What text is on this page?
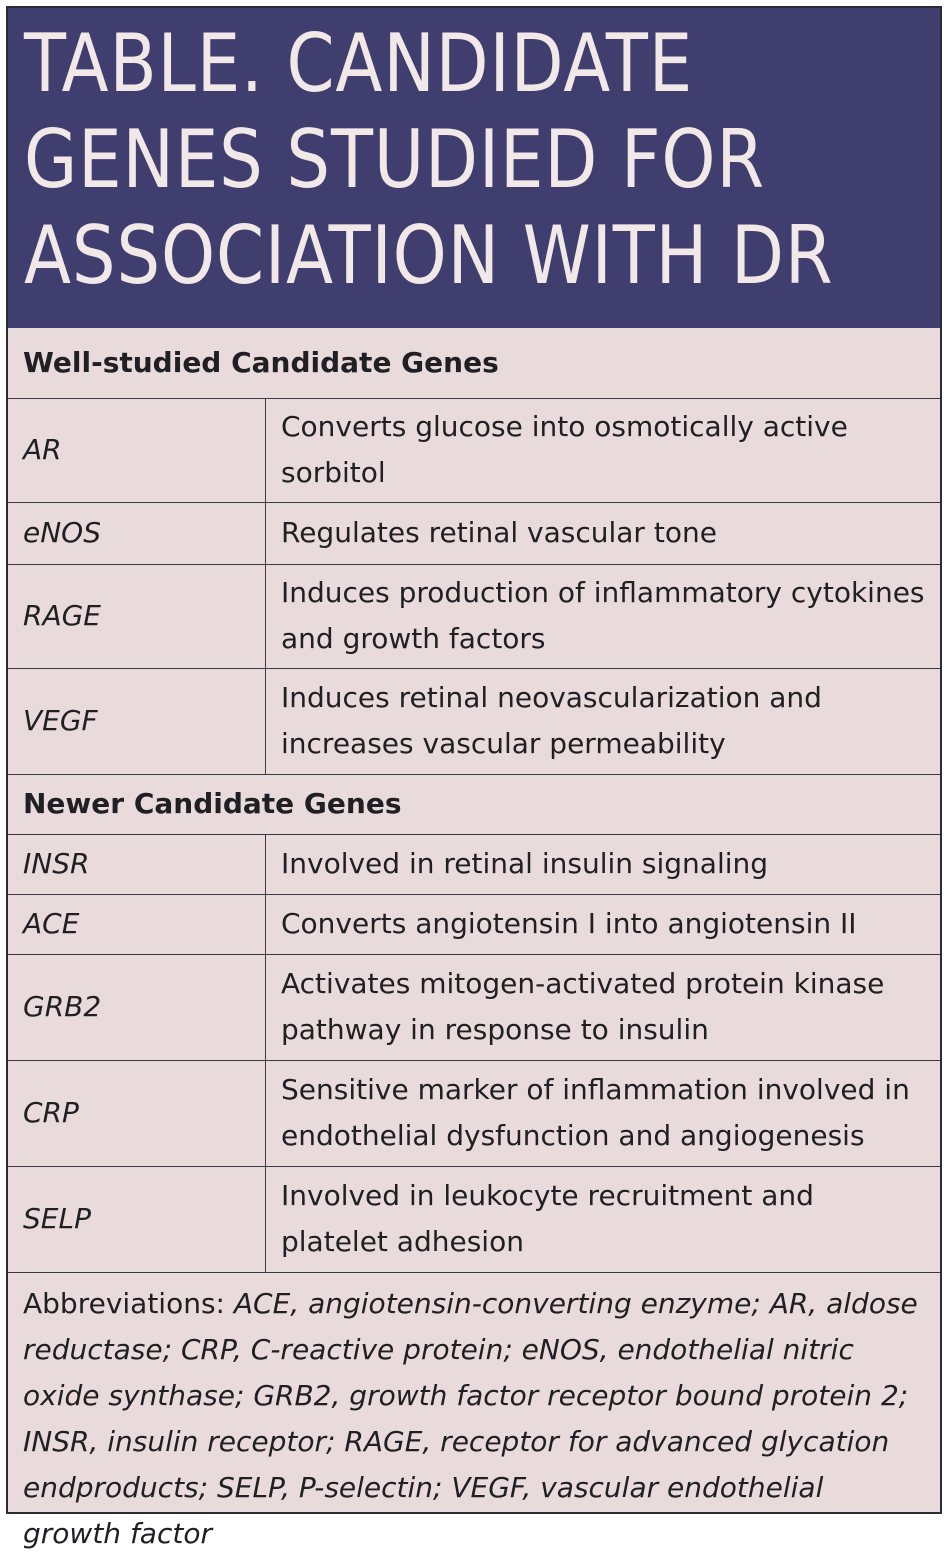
TABLE. CANDIDATE
GENES STUDIED FOR
ASSOCIATION WITH DR
Well-studied Candidate Genes	
AR	Converts glucose into osmotically active sorbitol
eNOS	Regulates retinal vascular tone
RAGE	Induces production of inflammatory cytokines and growth factors
VEGF	Induces retinal neovascularization and increases vascular permeability
Newer Candidate Genes	
INSR	Involved in retinal insulin signaling
ACE	Converts angiotensin I into angiotensin II
GRB2	Activates mitogen-activated protein kinase pathway in response to insulin
CRP	Sensitive marker of inflammation involved in endothelial dysfunction and angiogenesis
SELP	Involved in leukocyte recruitment and platelet adhesion
Abbreviations: ACE, angiotensin-converting enzyme; AR, aldose reductase; CRP, C-reactive protein; eNOS, endothelial nitric oxide synthase; GRB2, growth factor receptor bound protein 2; INSR, insulin receptor; RAGE, receptor for advanced glycation endproducts; SELP, P-selectin; VEGF, vascular endothelial growth factor	
